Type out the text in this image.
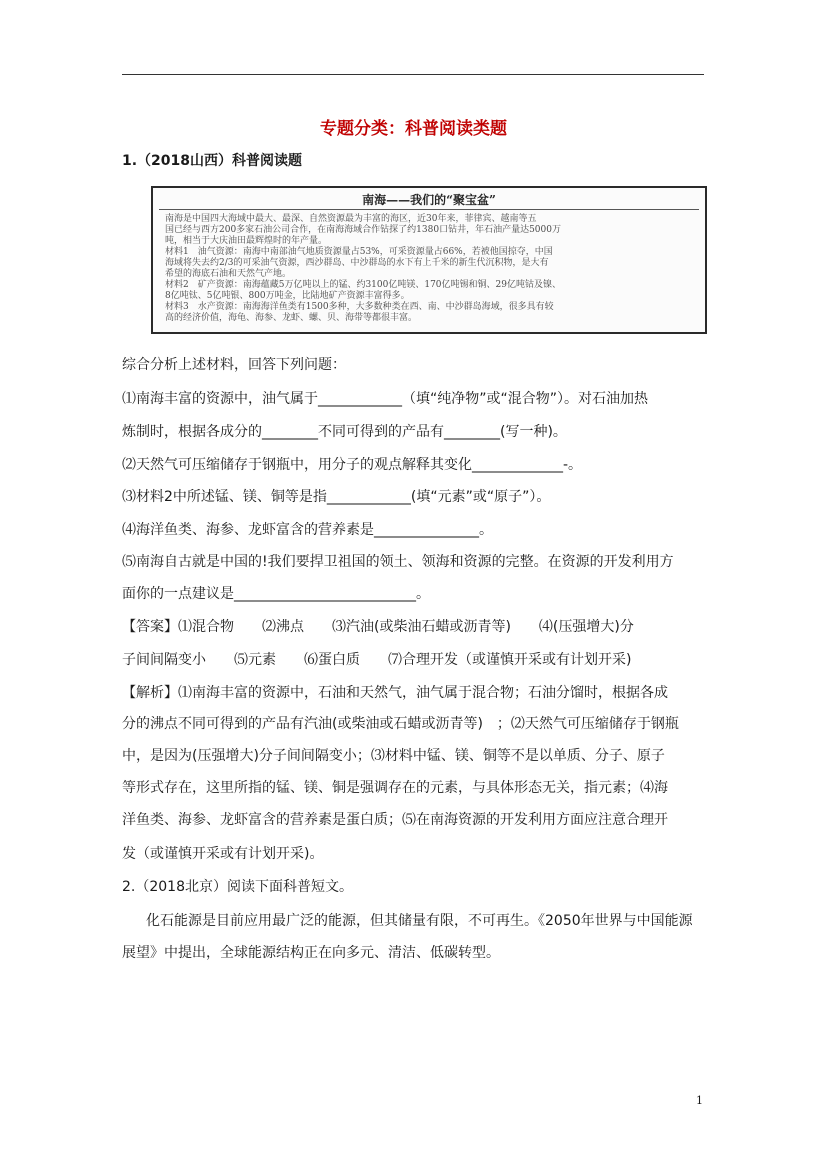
专题分类：科普阅读类题
1.（2018山西）科普阅读题
南海——我们的“聚宝盆”
南海是中国四大海域中最大、最深、自然资源最为丰富的海区，近30年来，菲律宾、越南等五
国已经与西方200多家石油公司合作，在南海海域合作钻探了约1380口钻井，年石油产量达5000万
吨，相当于大庆油田最辉煌时的年产量。
材料1　油气资源：南海中南部油气地质资源量占53%，可采资源量占66%，若被他国掠夺，中国
海域将失去约2/3的可采油气资源，西沙群岛、中沙群岛的水下有上千米的新生代沉积物，是大有
希望的海底石油和天然气产地。
材料2　矿产资源：南海蕴藏5万亿吨以上的锰、约3100亿吨镁、170亿吨锡和铜、29亿吨钴及镍、
8亿吨钛、5亿吨银、800万吨金，比陆地矿产资源丰富得多。
材料3　水产资源：南海海洋鱼类有1500多种，大多数种类在西、南、中沙群岛海域，很多具有较
高的经济价值，海龟、海参、龙虾、螺、贝、海带等都很丰富。
综合分析上述材料，回答下列问题：
⑴南海丰富的资源中，油气属于____________（填“纯净物”或“混合物”）。对石油加热
炼制时，根据各成分的________不同可得到的产品有________(写一种)。
⑵天然气可压缩储存于钢瓶中，用分子的观点解释其变化_____________-。
⑶材料2中所述锰、镁、铜等是指____________(填“元素”或“原子”）。
⑷海洋鱼类、海参、龙虾富含的营养素是_______________。
⑸南海自古就是中国的!我们要捍卫祖国的领土、领海和资源的完整。在资源的开发利用方
面你的一点建议是__________________________。
【答案】⑴混合物　　⑵沸点　　⑶汽油(或柴油石蜡或沥青等)　　⑷(压强增大)分
子间间隔变小　　⑸元素　　⑹蛋白质　　⑺合理开发（或谨慎开采或有计划开采)
【解析】⑴南海丰富的资源中，石油和天然气，油气属于混合物；石油分馏时，根据各成
分的沸点不同可得到的产品有汽油(或柴油或石蜡或沥青等)　；⑵天然气可压缩储存于钢瓶
中，是因为(压强增大)分子间间隔变小；⑶材料中锰、镁、铜等不是以单质、分子、原子
等形式存在，这里所指的锰、镁、铜是强调存在的元素，与具体形态无关，指元素；⑷海
洋鱼类、海参、龙虾富含的营养素是蛋白质；⑸在南海资源的开发利用方面应注意合理开
发（或谨慎开采或有计划开采)。
2.（2018北京）阅读下面科普短文。
化石能源是目前应用最广泛的能源，但其储量有限，不可再生。《2050年世界与中国能源
展望》中提出，全球能源结构正在向多元、清洁、低碳转型。
1
